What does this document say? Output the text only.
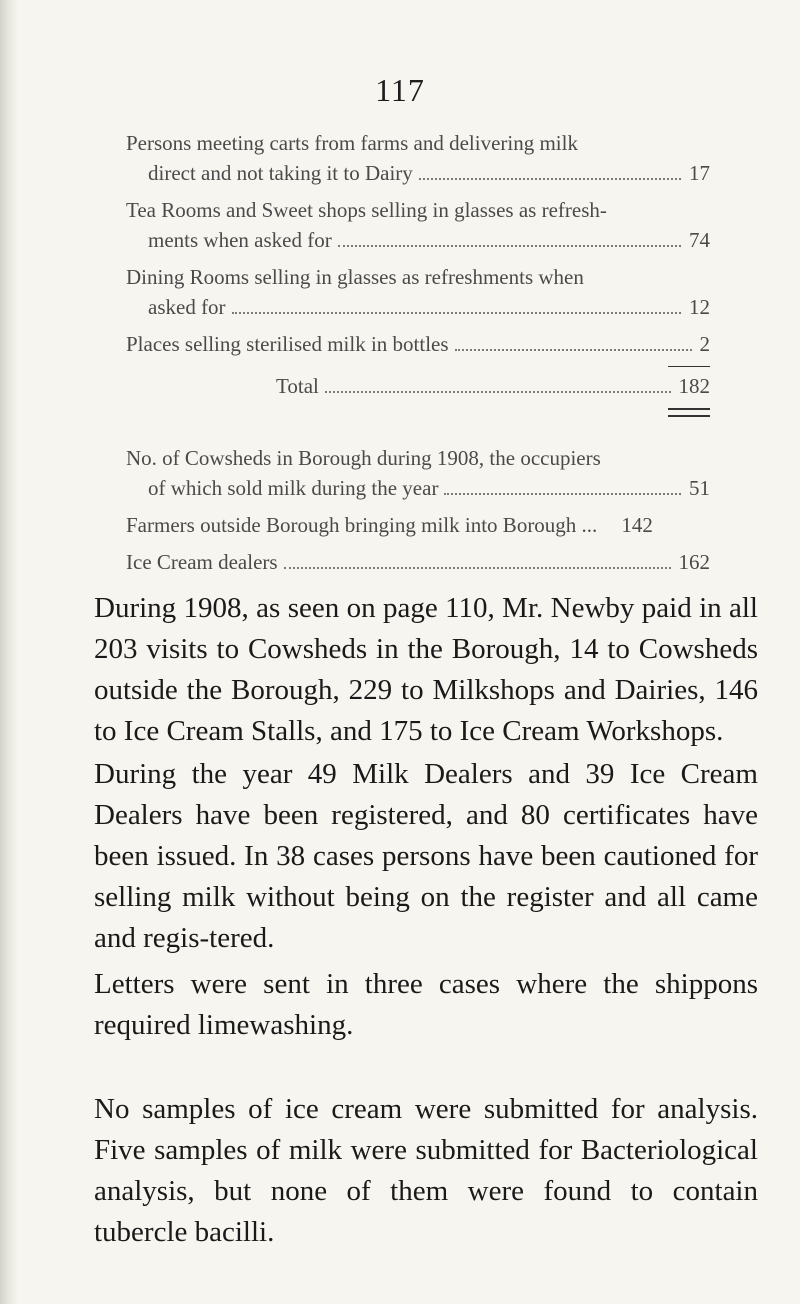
117
Persons meeting carts from farms and delivering milk
direct and not taking it to Dairy	17
Tea Rooms and Sweet shops selling in glasses as refresh-
ments when asked for	74
Dining Rooms selling in glasses as refreshments when
asked for	12
Places selling sterilised milk in bottles	2
Total	182
No. of Cowsheds in Borough during 1908, the occupiers
of which sold milk during the year	51
Farmers outside Borough bringing milk into Borough ... 142
Ice Cream dealers	162

During 1908, as seen on page 110, Mr. Newby paid in all 203 visits to Cowsheds in the Borough, 14 to Cowsheds outside the Borough, 229 to Milkshops and Dairies, 146 to Ice Cream Stalls, and 175 to Ice Cream Workshops.

During the year 49 Milk Dealers and 39 Ice Cream Dealers have been registered, and 80 certificates have been issued. In 38 cases persons have been cautioned for selling milk without being on the register and all came and regis-tered.

Letters were sent in three cases where the shippons required limewashing.

No samples of ice cream were submitted for analysis. Five samples of milk were submitted for Bacteriological analysis, but none of them were found to contain tubercle bacilli.
